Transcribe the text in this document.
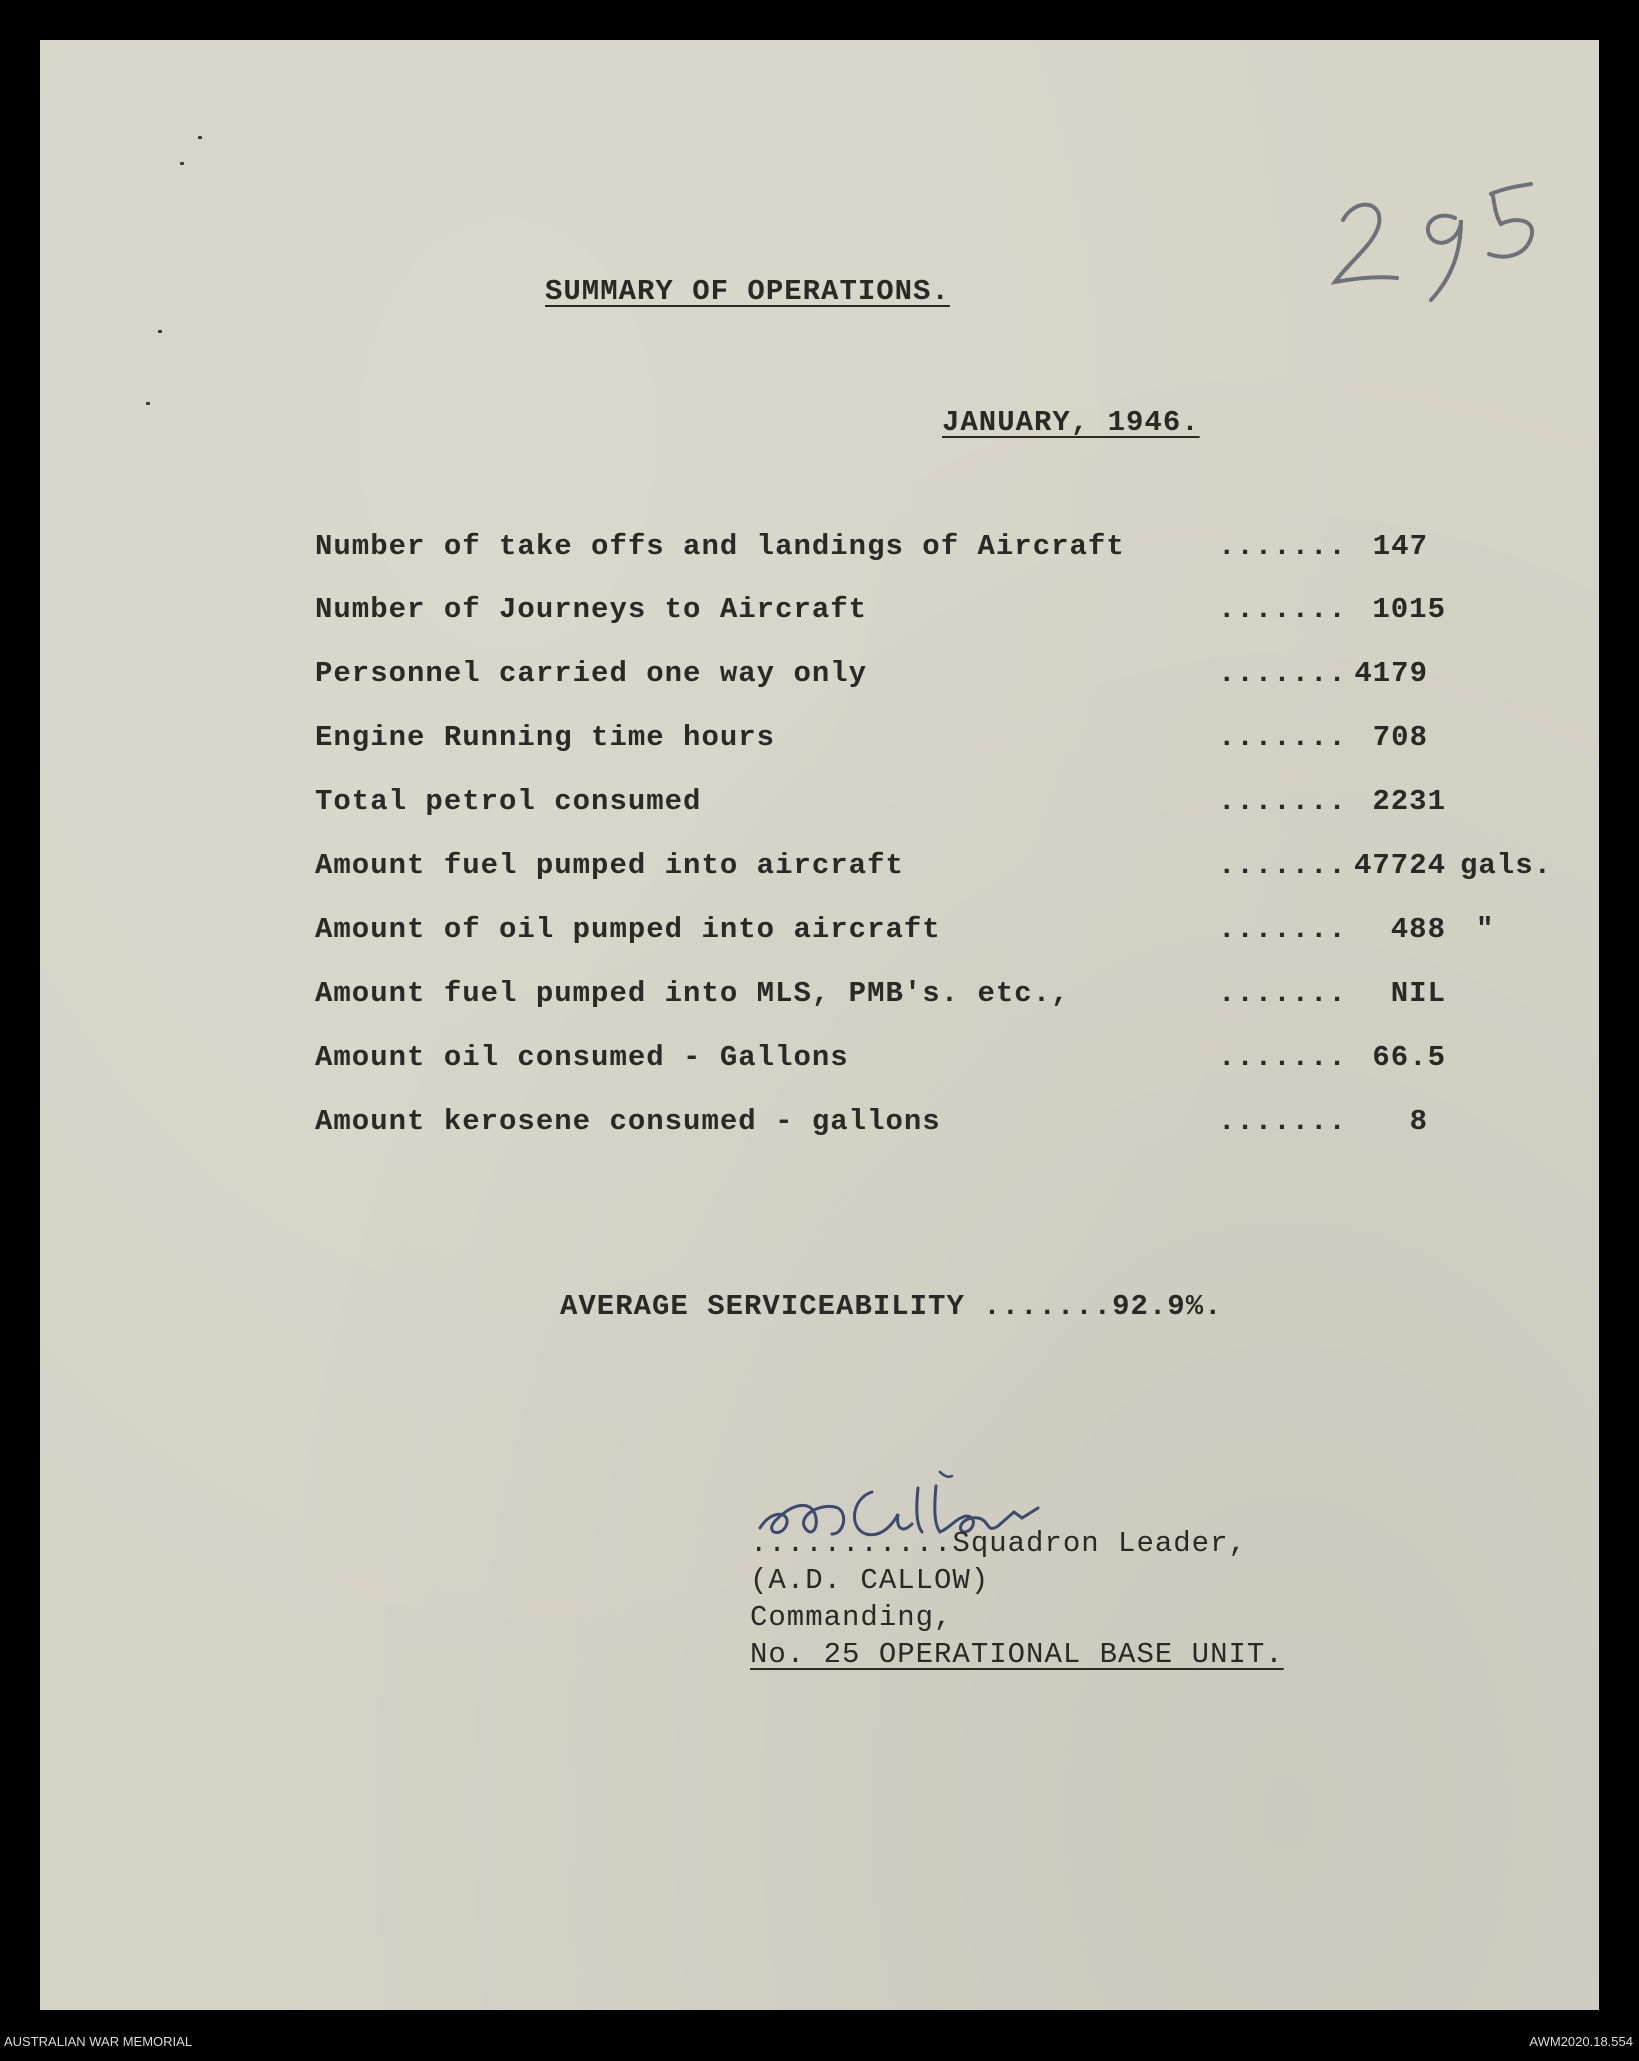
SUMMARY OF OPERATIONS.
JANUARY, 1946.
Number of take offs and landings of Aircraft	....... 147
Number of Journeys to Aircraft	....... 1015
Personnel carried one way only	....... 4179
Engine Running time hours	....... 708
Total petrol consumed	....... 2231
Amount fuel pumped into aircraft	....... 47724 gals.
Amount of oil pumped into aircraft	.......	488 "
Amount fuel pumped into MLS, PMB's. etc.,	.......	NIL
Amount oil consumed - Gallons	....... 66.5
Amount kerosene consumed - gallons	.......	8
AVERAGE SERVICEABILITY .......92.9%.
...........Squadron Leader,
(A.D. CALLOW)
Commanding,
No. 25 OPERATIONAL BASE UNIT.
AUSTRALIAN WAR MEMORIAL	AWM2020.18.554
